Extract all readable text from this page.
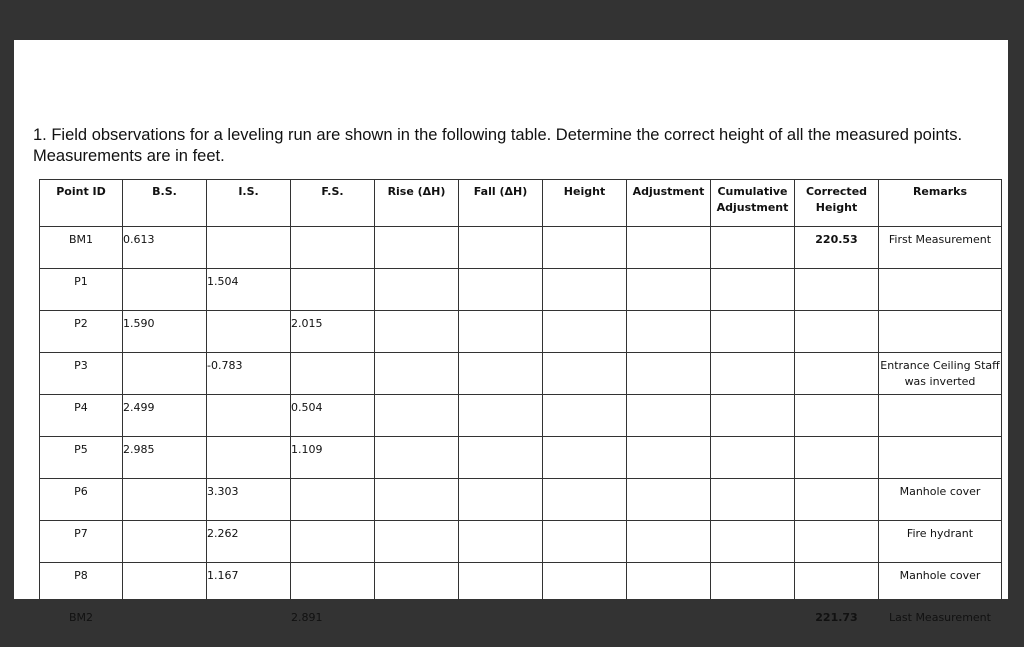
1. Field observations for a leveling run are shown in the following table. Determine the correct height of all the measured points. Measurements are in feet.
Point ID	B.S.	I.S.	F.S.	Rise (ΔH)	Fall (ΔH)	Height	Adjustment	Cumulative Adjustment	Corrected Height	Remarks
BM1	0.613								220.53	First Measurement
P1		1.504								
P2	1.590		2.015							
P3		-0.783								Entrance Ceiling Staff was inverted
P4	2.499		0.504							
P5	2.985		1.109							
P6		3.303								Manhole cover
P7		2.262								Fire hydrant
P8		1.167								Manhole cover
BM2			2.891						221.73	Last Measurement
